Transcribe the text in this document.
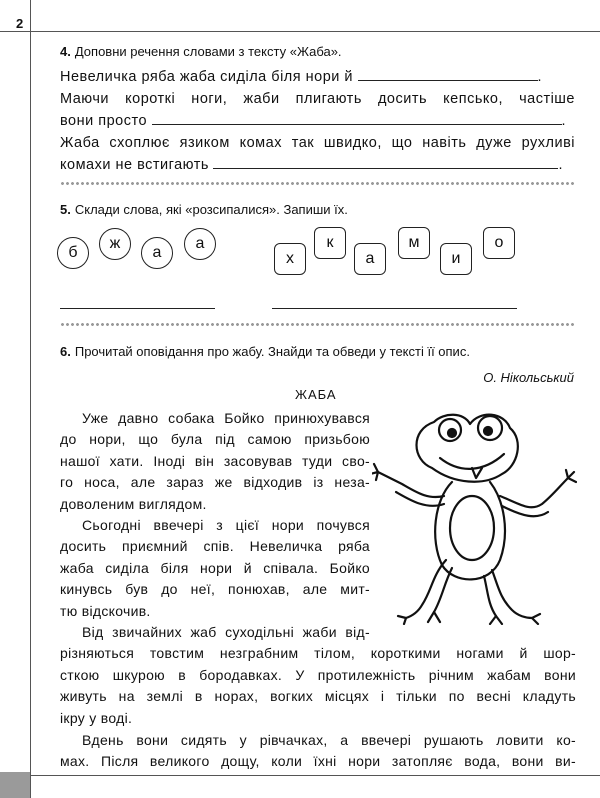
2
4. Доповни речення словами з тексту «Жаба».
Невеличка ряба жаба сиділа біля нори й	.
Маючи короткі ноги, жаби плигають досить кепсько, частіше
вони просто	.
Жаба схоплює язиком комах так швидко, що навіть дуже рухливі
комахи не встигають	.
5. Склади слова, які «розсипалися». Запиши їх.
б
ж
а
а
х
к
а
м
и
о
6. Прочитай оповідання про жабу. Знайди та обведи у тексті її опис.
О. Нікольський
ЖАБА
Уже давно собака Бойко принюхувався
до нори, що була під самою призьбою
нашої хати. Іноді він засовував туди сво-
го носа, але зараз же відходив із неза-
доволеним виглядом.
Сьогодні ввечері з цієї нори почувся
досить приємний спів. Невеличка ряба
жаба сиділа біля нори й співала. Бойко
кинувсь був до неї, понюхав, але мит-
тю відскочив.
Від звичайних жаб суходільні жаби від-
різняються товстим незграбним тілом, короткими ногами й шор-
сткою шкурою в бородавках. У протилежність річним жабам вони
живуть на землі в норах, вогких місцях і тільки по весні кладуть
ікру у воді.
Вдень вони сидять у рівчачках, а ввечері рушають ловити ко-
мах. Після великого дощу, коли їхні нори затопляє вода, вони ви-
